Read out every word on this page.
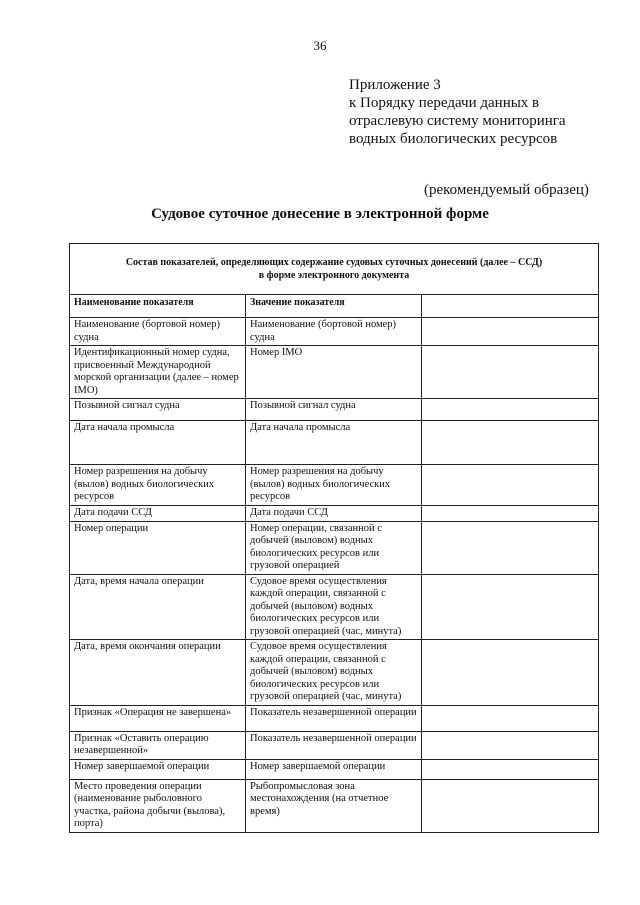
36
Приложение 3
к Порядку передачи данных в
отраслевую систему мониторинга
водных биологических ресурсов
(рекомендуемый образец)
Судовое суточное донесение в электронной форме
Состав показателей, определяющих содержание судовых суточных донесений (далее – ССД)
в форме электронного документа		

Наименование показателя	Значение показателя	
Наименование (бортовой номер) судна	Наименование (бортовой номер) судна	
Идентификационный номер судна, присвоенный Международной морской организации (далее – номер IMO)	Номер IMO	
Позывной сигнал судна	Позывной сигнал судна	
Дата начала промысла	Дата начала промысла	
Номер разрешения на добычу (вылов) водных биологических ресурсов	Номер разрешения на добычу (вылов) водных биологических ресурсов	
Дата подачи ССД	Дата подачи ССД	
Номер операции	Номер операции, связанной с добычей (выловом) водных биологических ресурсов или грузовой операцией	
Дата, время начала операции	Судовое время осуществления каждой операции, связанной с добычей (выловом) водных биологических ресурсов или грузовой операцией (час, минута)	
Дата, время окончания операции	Судовое время осуществления каждой операции, связанной с добычей (выловом) водных биологических ресурсов или грузовой операцией (час, минута)	
Признак «Операция не завершена»	Показатель незавершенной операции	
Признак «Оставить операцию незавершенной»	Показатель незавершенной операции	
Номер завершаемой операции	Номер завершаемой операции	
Место проведения операции (наименование рыболовного участка, района добычи (вылова), порта)	Рыбопромысловая зона местонахождения (на отчетное время)	
